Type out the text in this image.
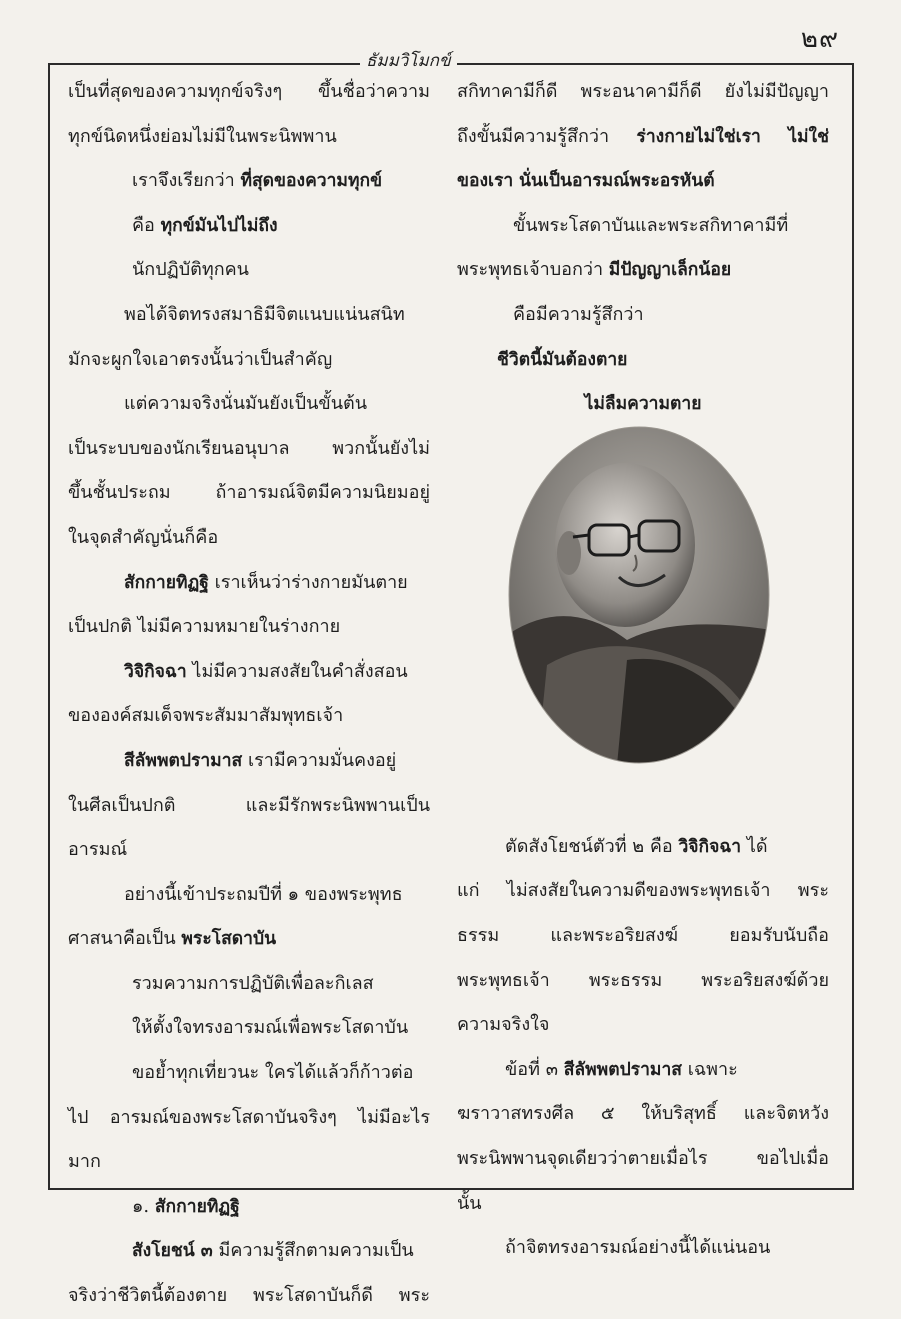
๒๙
ธัมมวิโมกข์
เป็นที่สุดของความทุกข์จริงๆ ขึ้นชื่อว่าความ
ทุกข์นิดหนึ่งย่อมไม่มีในพระนิพพาน
เราจึงเรียกว่า ที่สุดของความทุกข์
คือ ทุกข์มันไปไม่ถึง
นักปฏิบัติทุกคน
พอได้จิตทรงสมาธิมีจิตแนบแน่นสนิท
มักจะผูกใจเอาตรงนั้นว่าเป็นสำคัญ
แต่ความจริงนั่นมันยังเป็นขั้นต้น
เป็นระบบของนักเรียนอนุบาล พวกนั้นยังไม่
ขึ้นชั้นประถม ถ้าอารมณ์จิตมีความนิยมอยู่
ในจุดสำคัญนั่นก็คือ
สักกายทิฏฐิ เราเห็นว่าร่างกายมันตาย
เป็นปกติ ไม่มีความหมายในร่างกาย
วิจิกิจฉา ไม่มีความสงสัยในคำสั่งสอน
ขององค์สมเด็จพระสัมมาสัมพุทธเจ้า
สีลัพพตปรามาส เรามีความมั่นคงอยู่
ในศีลเป็นปกติ และมีรักพระนิพพานเป็น
อารมณ์
อย่างนี้เข้าประถมปีที่ ๑ ของพระพุทธ
ศาสนาคือเป็น พระโสดาบัน
รวมความการปฏิบัติเพื่อละกิเลส
ให้ตั้งใจทรงอารมณ์เพื่อพระโสดาบัน
ขอย้ำทุกเที่ยวนะ ใครได้แล้วก็ก้าวต่อ
ไป อารมณ์ของพระโสดาบันจริงๆ ไม่มีอะไร
มาก
๑. สักกายทิฏฐิ
สังโยชน์ ๓ มีความรู้สึกตามความเป็น
จริงว่าชีวิตนี้ต้องตาย พระโสดาบันก็ดี พระ
สกิทาคามีก็ดี พระอนาคามีก็ดี ยังไม่มีปัญญา
ถึงขั้นมีความรู้สึกว่า ร่างกายไม่ใช่เรา ไม่ใช่
ของเรา นั่นเป็นอารมณ์พระอรหันต์
ขั้นพระโสดาบันและพระสกิทาคามีที่
พระพุทธเจ้าบอกว่า มีปัญญาเล็กน้อย
คือมีความรู้สึกว่า
ชีวิตนี้มันต้องตาย
ไม่ลืมความตาย
ตัดสังโยชน์ตัวที่ ๒ คือ วิจิกิจฉา ได้
แก่ ไม่สงสัยในความดีของพระพุทธเจ้า พระ
ธรรม และพระอริยสงฆ์ ยอมรับนับถือ
พระพุทธเจ้า พระธรรม พระอริยสงฆ์ด้วย
ความจริงใจ
ข้อที่ ๓ สีลัพพตปรามาส เฉพาะ
ฆราวาสทรงศีล ๕ ให้บริสุทธิ์ และจิตหวัง
พระนิพพานจุดเดียวว่าตายเมื่อไร ขอไปเมื่อ
นั้น
ถ้าจิตทรงอารมณ์อย่างนี้ได้แน่นอน
